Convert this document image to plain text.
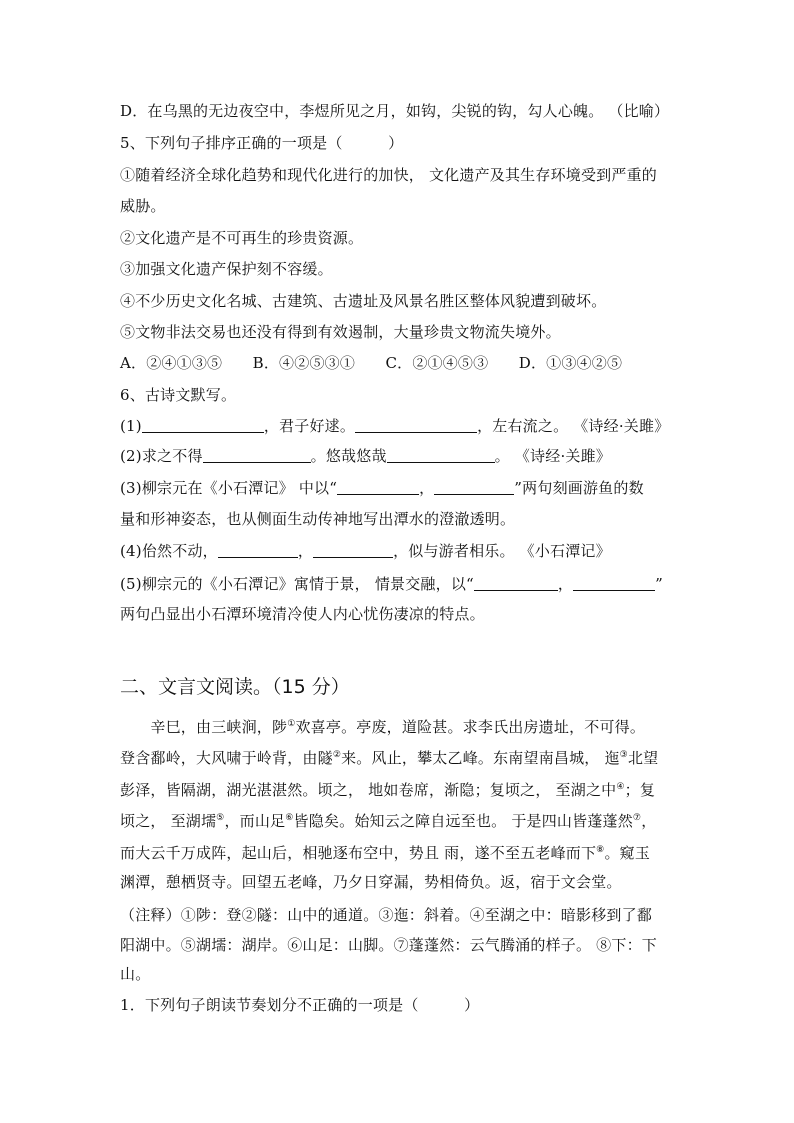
D．在乌黑的无边夜空中，李煜所见之月，如钩，尖锐的钩，勾人心魄。 （比喻）
5、下列句子排序正确的一项是（　　　）
①随着经济全球化趋势和现代化进行的加快， 文化遗产及其生存环境受到严重的
威胁。
②文化遗产是不可再生的珍贵资源。
③加强文化遗产保护刻不容缓。
④不少历史文化名城、古建筑、古遗址及风景名胜区整体风貌遭到破坏。
⑤文物非法交易也还没有得到有效遏制，大量珍贵文物流失境外。
A．②④①③⑤　　B．④②⑤③①　　C．②①④⑤③　　D．①③④②⑤
6、古诗文默写。
(1)	，君子好逑。	，左右流之。 《诗经·关雎》
(2)求之不得	。悠哉悠哉	。 《诗经·关雎》
(3)柳宗元在《小石潭记》 中以“	，	”两句刻画游鱼的数
量和形神姿态，也从侧面生动传神地写出潭水的澄澈透明。
(4)佁然不动，	，	，似与游者相乐。 《小石潭记》
(5)柳宗元的《小石潭记》寓情于景， 情景交融，以“	，	”
两句凸显出小石潭环境清冷使人内心忧伤凄凉的特点。
二、文言文阅读。（15 分）
　　辛巳，由三峡涧，陟①欢喜亭。亭废，道险甚。求李氏出房遗址，不可得。
登含鄱岭，大风啸于岭背，由隧②来。风止，攀太乙峰。东南望南昌城， 迤③北望
彭泽，皆隔湖，湖光湛湛然。顷之， 地如卷席，渐隐；复顷之， 至湖之中④；复
顷之， 至湖壖⑤，而山足⑥皆隐矣。始知云之障自远至也。 于是四山皆蓬蓬然⑦，
而大云千万成阵，起山后，相驰逐布空中，势且 雨，遂不至五老峰而下⑧。窥玉
渊潭，憩栖贤寺。回望五老峰，乃夕日穿漏，势相倚负。返，宿于文会堂。
（注释）①陟：登②隧：山中的通道。③迤：斜着。④至湖之中：暗影移到了鄱
阳湖中。⑤湖壖：湖岸。⑥山足：山脚。⑦蓬蓬然：云气腾涌的样子。 ⑧下：下
山。
1．下列句子朗读节奏划分不正确的一项是（　　　）
